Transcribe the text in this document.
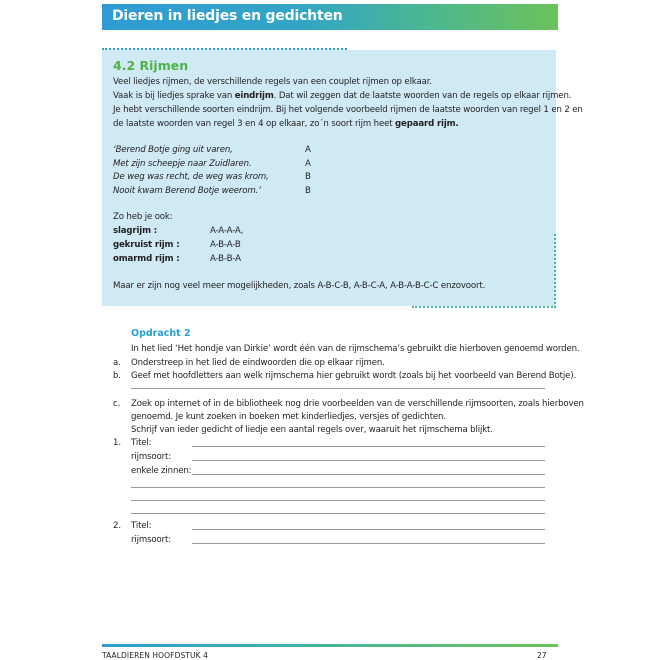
Dieren in liedjes en gedichten
4.2 Rijmen
Veel liedjes rijmen, de verschillende regels van een couplet rijmen op elkaar.
Vaak is bij liedjes sprake van eindrijm. Dat wil zeggen dat de laatste woorden van de regels op elkaar rijmen.
Je hebt verschillende soorten eindrijm. Bij het volgende voorbeeld rijmen de laatste woorden van regel 1 en 2 en
de laatste woorden van regel 3 en 4 op elkaar, zo´n soort rijm heet gepaard rijm.
‘Berend Botje ging uit varen,	A
Met zijn scheepje naar Zuidlaren.	A
De weg was recht, de weg was krom,	B
Nooit kwam Berend Botje weerom.’	B
Zo heb je ook:
slagrijm :	A-A-A-A,
gekruist rijm :	A-B-A-B
omarmd rijm :	A-B-B-A
Maar er zijn nog veel meer mogelijkheden, zoals A-B-C-B, A-B-C-A, A-B-A-B-C-C enzovoort.
Opdracht 2
In het lied ‘Het hondje van Dirkie’ wordt één van de rijmschema’s gebruikt die hierboven genoemd worden.
a. Onderstreep in het lied de eindwoorden die op elkaar rijmen.
b. Geef met hoofdletters aan welk rijmschema hier gebruikt wordt (zoals bij het voorbeeld van Berend Botje).
c. Zoek op internet of in de bibliotheek nog drie voorbeelden van de verschillende rijmsoorten, zoals hierboven
genoemd. Je kunt zoeken in boeken met kinderliedjes, versjes of gedichten.
Schrijf van ieder gedicht of liedje een aantal regels over, waaruit het rijmschema blijkt.
1. Titel:
rijmsoort:
enkele zinnen:
2. Titel:
rijmsoort:
TAALDIEREN HOOFDSTUK 4	27
